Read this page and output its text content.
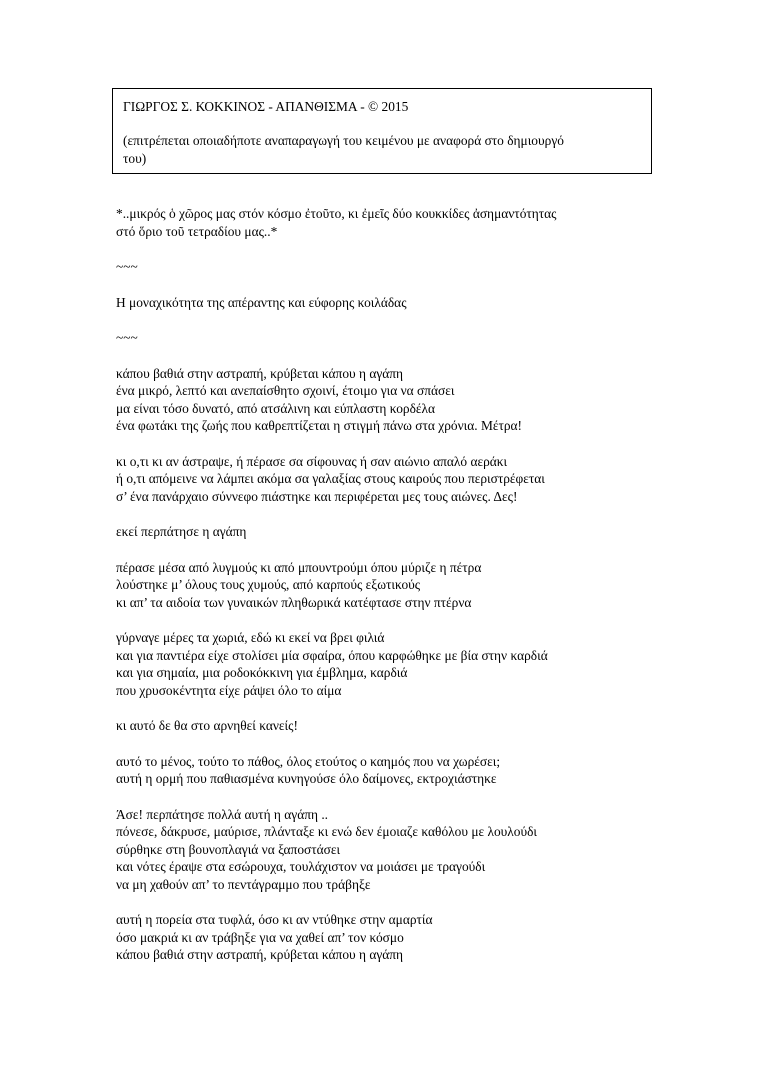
ΓΙΩΡΓΟΣ Σ. ΚΟΚΚΙΝΟΣ - ΑΠΑΝΘΙΣΜΑ - © 2015
(επιτρέπεται οποιαδήποτε αναπαραγωγή του κειμένου με αναφορά στο δημιουργό
του)
*..μικρός ὁ χῶρος μας στόν κόσμο ἐτοῦτο, κι ἐμεῖς δύο κουκκίδες ἀσημαντότητας
στό ὅριο τοῦ τετραδίου μας..*
~~~
Η μοναχικότητα της απέραντης και εύφορης κοιλάδας
~~~
κάπου βαθιά στην αστραπή, κρύβεται κάπου η αγάπη
ένα μικρό, λεπτό και ανεπαίσθητο σχοινί, έτοιμο για να σπάσει
μα είναι τόσο δυνατό, από ατσάλινη και εύπλαστη κορδέλα
ένα φωτάκι της ζωής που καθρεπτίζεται η στιγμή πάνω στα χρόνια. Μέτρα!
κι ο,τι κι αν άστραψε, ή πέρασε σα σίφουνας ή σαν αιώνιο απαλό αεράκι
ή ο,τι απόμεινε να λάμπει ακόμα σα γαλαξίας στους καιρούς που περιστρέφεται
σ’ ένα πανάρχαιο σύννεφο πιάστηκε και περιφέρεται μες τους αιώνες. Δες!
εκεί περπάτησε η αγάπη
πέρασε μέσα από λυγμούς κι από μπουντρούμι όπου μύριζε η πέτρα
λούστηκε μ’ όλους τους χυμούς, από καρπούς εξωτικούς
κι απ’ τα αιδοία των γυναικών πληθωρικά κατέφτασε στην πτέρνα
γύρναγε μέρες τα χωριά, εδώ κι εκεί να βρει φιλιά
και για παντιέρα είχε στολίσει μία σφαίρα, όπου καρφώθηκε με βία στην καρδιά
και για σημαία, μια ροδοκόκκινη για έμβλημα, καρδιά
που χρυσοκέντητα είχε ράψει όλο το αίμα
κι αυτό δε θα στο αρνηθεί κανείς!
αυτό το μένος, τούτο το πάθος, όλος ετούτος ο καημός που να χωρέσει;
αυτή η ορμή που παθιασμένα κυνηγούσε όλο δαίμονες, εκτροχιάστηκε
Άσε! περπάτησε πολλά αυτή η αγάπη ..
πόνεσε, δάκρυσε, μαύρισε, πλάνταξε κι ενώ δεν έμοιαζε καθόλου με λουλούδι
σύρθηκε στη βουνοπλαγιά να ξαποστάσει
και νότες έραψε στα εσώρουχα, τουλάχιστον να μοιάσει με τραγούδι
να μη χαθούν απ’ το πεντάγραμμο που τράβηξε
αυτή η πορεία στα τυφλά, όσο κι αν ντύθηκε στην αμαρτία
όσο μακριά κι αν τράβηξε για να χαθεί απ’ τον κόσμο
κάπου βαθιά στην αστραπή, κρύβεται κάπου η αγάπη
